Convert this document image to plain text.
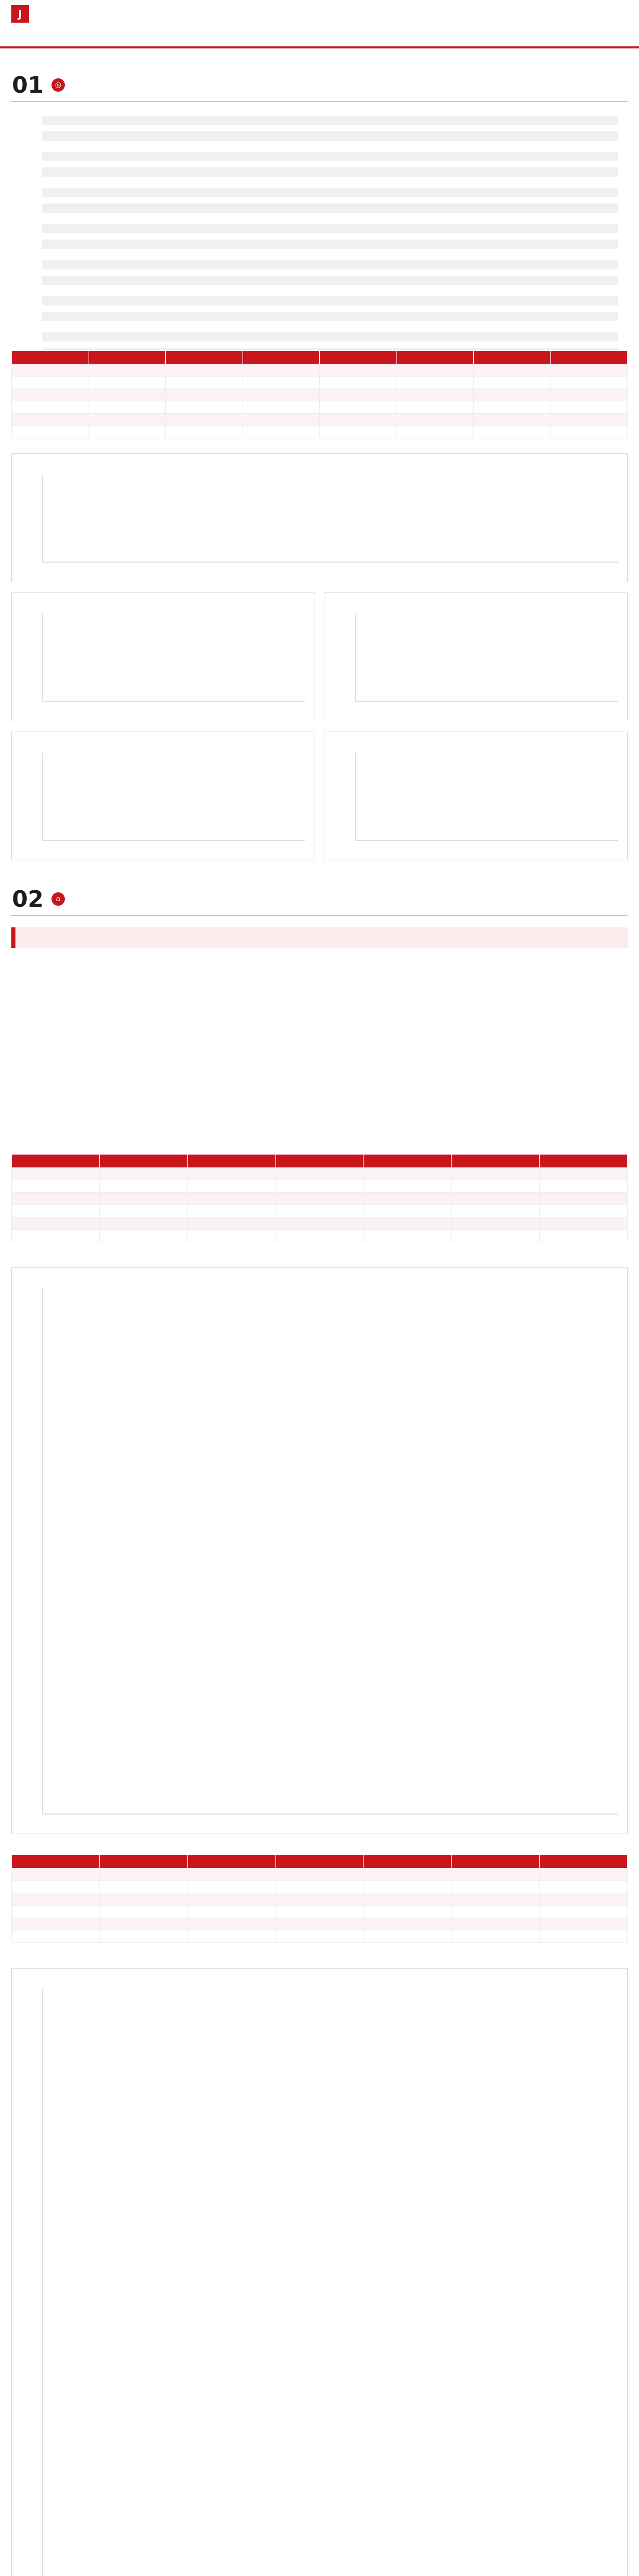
J
01	◎

02	⌂
